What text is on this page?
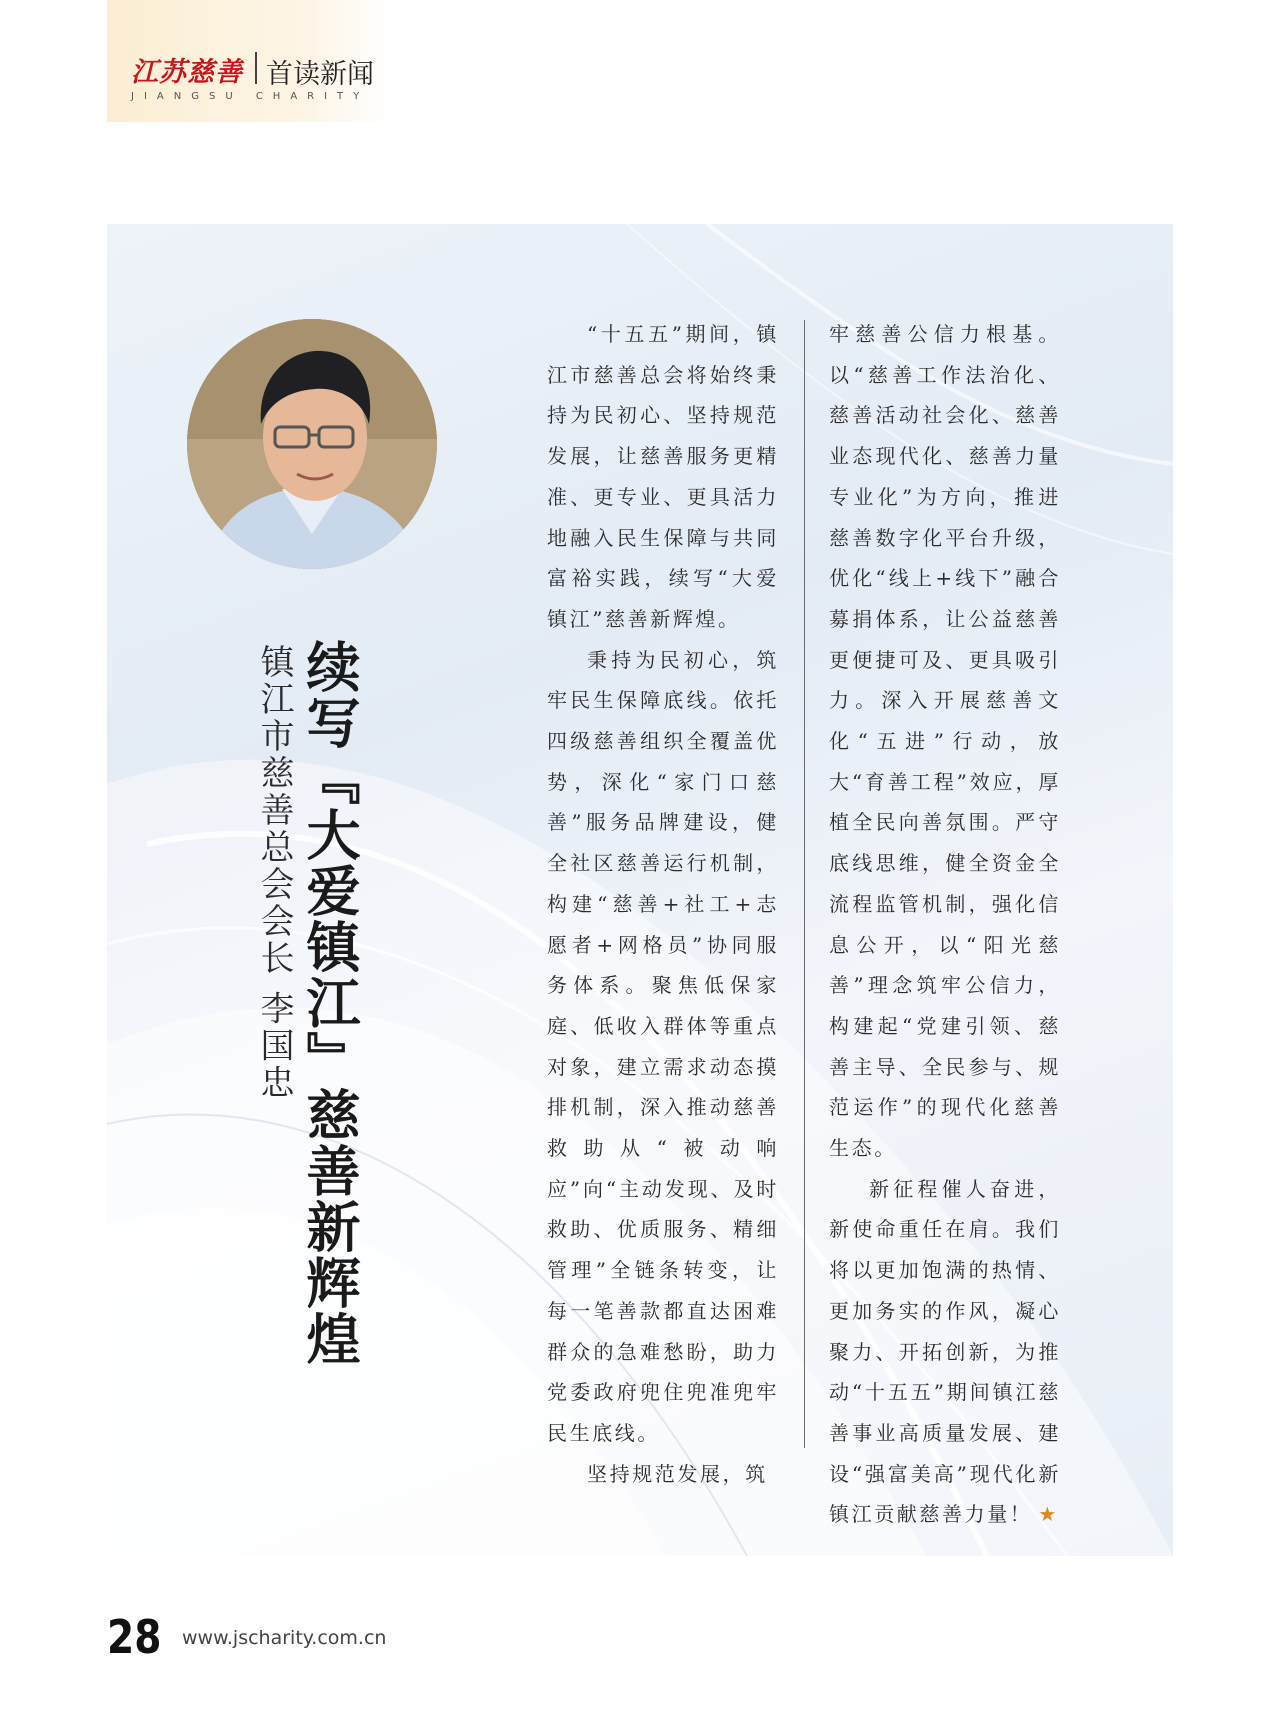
江苏慈善 首读新闻
JIANGSU CHARITY
续写『大爱镇江』慈善新辉煌
镇江市慈善总会会长 李国忠

“十五五”期间，镇江市慈善总会将始终秉持为民初心、坚持规范发展，让慈善服务更精准、更专业、更具活力地融入民生保障与共同富裕实践，续写“大爱镇江”慈善新辉煌。

秉持为民初心，筑牢民生保障底线。依托四级慈善组织全覆盖优势，深化“家门口慈善”服务品牌建设，健全社区慈善运行机制，构建“慈善+社工+志愿者+网格员”协同服务体系。聚焦低保家庭、低收入群体等重点对象，建立需求动态摸排机制，深入推动慈善救助从“被动响应”向“主动发现、及时救助、优质服务、精细管理”全链条转变，让每一笔善款都直达困难群众的急难愁盼，助力党委政府兜住兜准兜牢民生底线。

坚持规范发展，筑

牢慈善公信力根基。以“慈善工作法治化、慈善活动社会化、慈善业态现代化、慈善力量专业化”为方向，推进慈善数字化平台升级，优化“线上+线下”融合募捐体系，让公益慈善更便捷可及、更具吸引力。深入开展慈善文化“五进”行动，放大“育善工程”效应，厚植全民向善氛围。严守底线思维，健全资金全流程监管机制，强化信息公开，以“阳光慈善”理念筑牢公信力，构建起“党建引领、慈善主导、全民参与、规范运作”的现代化慈善生态。

新征程催人奋进，新使命重任在肩。我们将以更加饱满的热情、更加务实的作风，凝心聚力、开拓创新，为推动“十五五”期间镇江慈善事业高质量发展、建设“强富美高”现代化新镇江贡献慈善力量！ ★

28 www.jscharity.com.cn
